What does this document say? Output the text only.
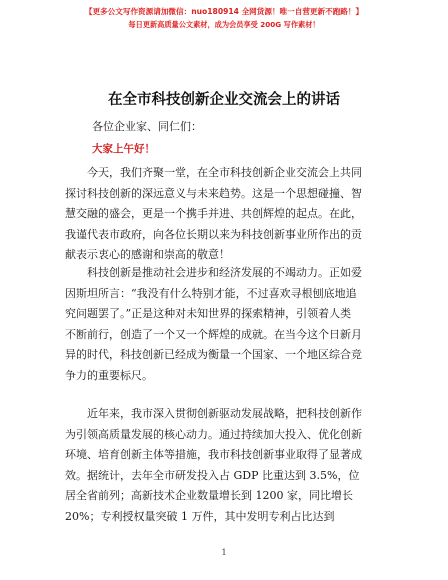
【更多公文写作资源请加微信：nuo180914 全网货源！唯一自营更新不跑路！】
每日更新高质量公文素材，成为会员享受 200G 写作素材！
在全市科技创新企业交流会上的讲话
各位企业家、同仁们：
大家上午好！

　　今天，我们齐聚一堂，在全市科技创新企业交流会上共同
探讨科技创新的深远意义与未来趋势。这是一个思想碰撞、智
慧交融的盛会，更是一个携手并进、共创辉煌的起点。在此，
我谨代表市政府，向各位长期以来为科技创新事业所作出的贡
献表示衷心的感谢和崇高的敬意！

　　科技创新是推动社会进步和经济发展的不竭动力。正如爱
因斯坦所言：“我没有什么特别才能，不过喜欢寻根刨底地追
究问题罢了。”正是这种对未知世界的探索精神，引领着人类
不断前行，创造了一个又一个辉煌的成就。在当今这个日新月
异的时代，科技创新已经成为衡量一个国家、一个地区综合竞
争力的重要标尺。

　　近年来，我市深入贯彻创新驱动发展战略，把科技创新作
为引领高质量发展的核心动力。通过持续加大投入、优化创新
环境、培育创新主体等措施，我市科技创新事业取得了显著成
效。据统计，去年全市研发投入占 GDP 比重达到 3.5%，位
居全省前列；高新技术企业数量增长到 1200 家，同比增长
20%；专利授权量突破 1 万件，其中发明专利占比达到

1
